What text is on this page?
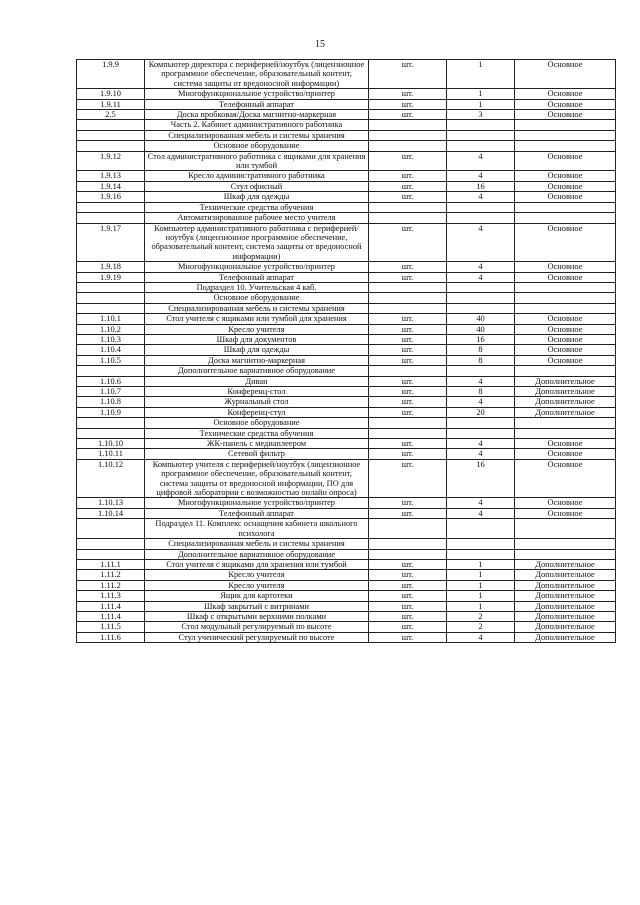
15
1.9.9	Компьютер директора с периферией/ноутбук (лицензионное программное обеспечение, образовательный контент, система защиты от вредоносной информации)	шт.	1	Основное
1.9.10	Многофункциональное устройство/принтер	шт.	1	Основное
1.9.11	Телефонный аппарат	шт.	1	Основное
2.5	Доска пробковая/Доска магнитно-маркерная	шт.	3	Основное
	Часть 2. Кабинет административного работника			
	Специализированная мебель и системы хранения			
	Основное оборудование			
1.9.12	Стол административного работника с ящиками для хранения или тумбой	шт.	4	Основное
1.9.13	Кресло административного работника	шт.	4	Основное
1.9.14	Стул офисный	шт.	16	Основное
1.9.16	Шкаф для одежды	шт.	4	Основное
	Технические средства обучения			
	Автоматизированное рабочее место учителя			
1.9.17	Компьютер административного работника с периферией/ноутбук (лицензионное программное обеспечение, образовательный контент, система защиты от вредоносной информации)	шт.	4	Основное
1.9.18	Многофункциональное устройство/принтер	шт.	4	Основное
1.9.19	Телефонный аппарат	шт.	4	Основное
	Подраздел 10. Учительская 4 каб.			
	Основное оборудование			
	Специализированная мебель и системы хранения			
1.10.1	Стол учителя с ящиками или тумбой для хранения	шт.	40	Основное
1.10.2	Кресло учителя	шт.	40	Основное
1.10.3	Шкаф для документов	шт.	16	Основное
1.10.4	Шкаф для одежды	шт.	8	Основное
1.10.5	Доска магнитно-маркерная	шт.	8	Основное
	Дополнительное вариативное оборудование			
1.10.6	Диван	шт.	4	Дополнительное
1.10.7	Конференц-стол	шт.	8	Дополнительное
1.10.8	Журнальный стол	шт.	4	Дополнительное
1.10.9	Конференц-стул	шт.	20	Дополнительное
	Основное оборудование			
	Технические средства обучения			
1.10.10	ЖК-панель с медиаплеером	шт.	4	Основное
1.10.11	Сетевой фильтр	шт.	4	Основное
1.10.12	Компьютер учителя с периферией/ноутбук (лицензионное программное обеспечение, образовательный контент, система защиты от вредоносной информации, ПО для цифровой лаборатории с возможностью онлайн опроса)	шт.	16	Основное
1.10.13	Многофункциональное устройство/принтер	шт.	4	Основное
1.10.14	Телефонный аппарат	шт.	4	Основное
	Подраздел 11. Комплекс оснащения кабинета школьного психолога			
	Специализированная мебель и системы хранения			
	Дополнительное вариативное оборудование			
1.11.1	Стол учителя с ящиками для хранения или тумбой	шт.	1	Дополнительное
1.11.2	Кресло учителя	шт.	1	Дополнительное
1.11.2	Кресло учителя	шт.	1	Дополнительное
1.11.3	Ящик для картотеки	шт.	1	Дополнительное
1.11.4	Шкаф закрытый с витринами	шт.	1	Дополнительное
1.11.4	Шкаф с открытыми верхними полками	шт.	2	Дополнительное
1.11.5	Стол модульный регулируемый по высоте	шт.	2	Дополнительное
1.11.6	Стул ученический регулируемый по высоте	шт.	4	Дополнительное
